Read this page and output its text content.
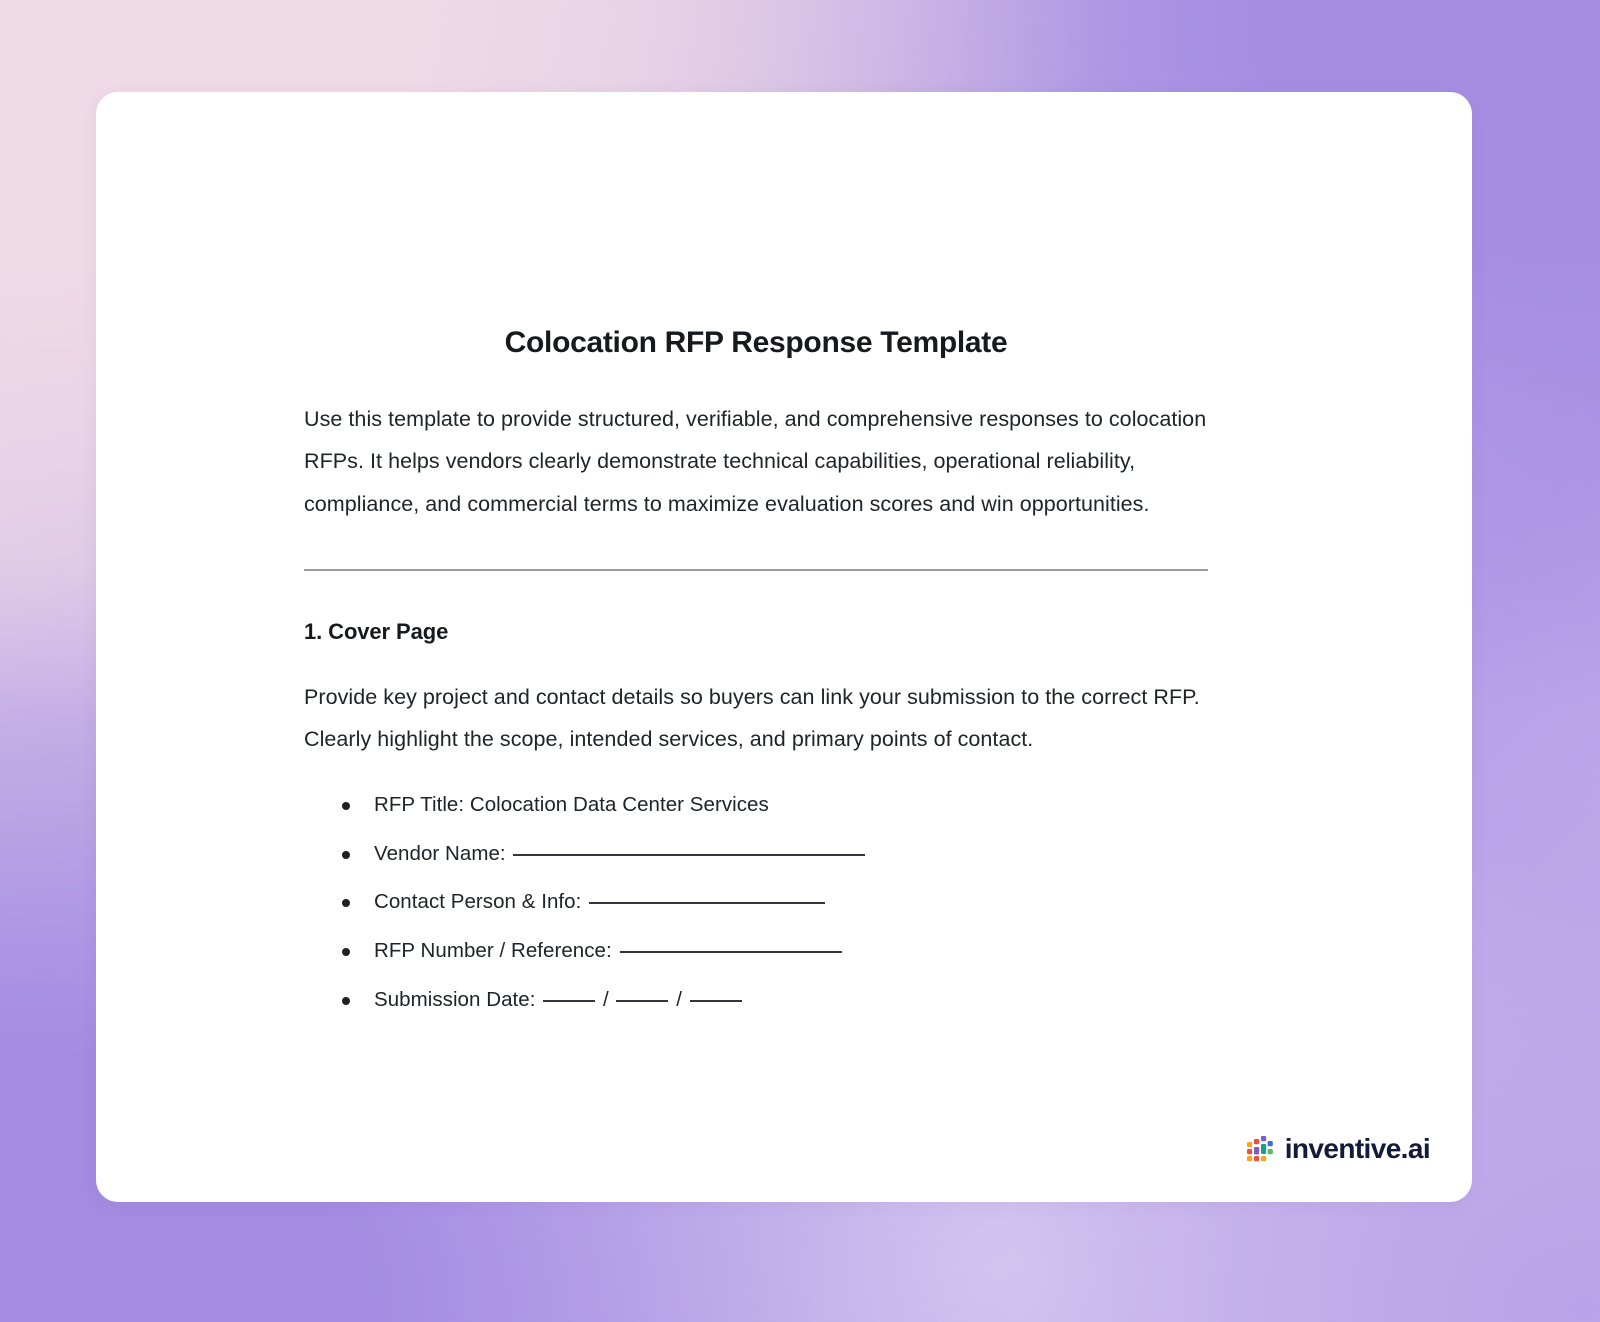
Colocation RFP Response Template

Use this template to provide structured, verifiable, and comprehensive responses to colocation RFPs. It helps vendors clearly demonstrate technical capabilities, operational reliability, compliance, and commercial terms to maximize evaluation scores and win opportunities.

1. Cover Page

Provide key project and contact details so buyers can link your submission to the correct RFP. Clearly highlight the scope, intended services, and primary points of contact.

RFP Title: Colocation Data Center Services
Vendor Name:
Contact Person & Info:
RFP Number / Reference:
Submission Date:	/	/
inventive.ai
